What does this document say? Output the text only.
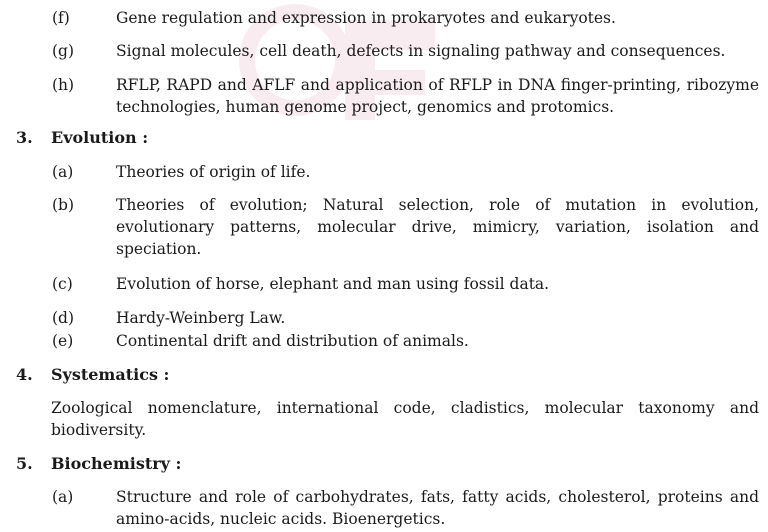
(f)	Gene regulation and expression in prokaryotes and eukaryotes.
(g)	Signal molecules, cell death, defects in signaling pathway and consequences.
(h)	RFLP, RAPD and AFLF and application of RFLP in DNA finger-printing, ribozyme technologies, human genome project, genomics and protomics.
3. Evolution :
(a)	Theories of origin of life.
(b)	Theories of evolution; Natural selection, role of mutation in evolution, evolutionary patterns, molecular drive, mimicry, variation, isolation and speciation.
(c)	Evolution of horse, elephant and man using fossil data.
(d)	Hardy-Weinberg Law.
(e)	Continental drift and distribution of animals.
4. Systematics :
Zoological nomenclature, international code, cladistics, molecular taxonomy and biodiversity.
5. Biochemistry :
(a)	Structure and role of carbohydrates, fats, fatty acids, cholesterol, proteins and amino-acids, nucleic acids. Bioenergetics.
